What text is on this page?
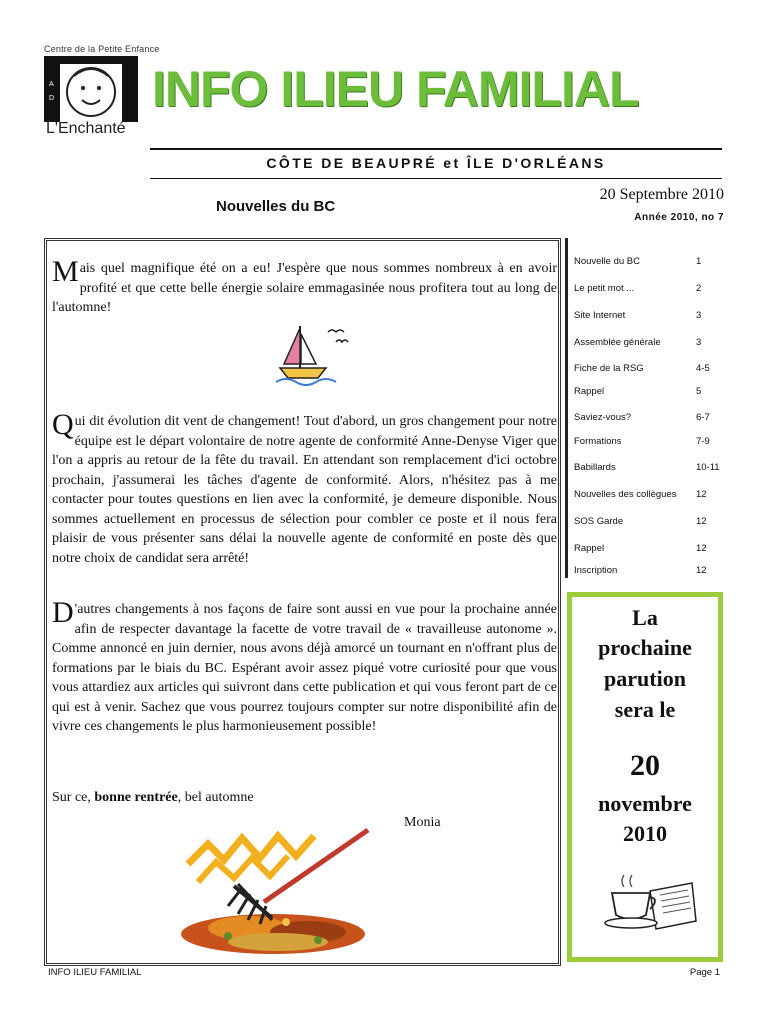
Centre de la Petite Enfance
A
D
L'Enchanté
INFO ILIEU FAMILIAL
CÔTE DE BEAUPRÉ et ÎLE D'ORLÉANS
Nouvelles du BC
20 Septembre 2010
Année 2010, no 7
Mais quel magnifique été on a eu! J'espère que nous sommes nombreux à en avoir profité et que cette belle énergie solaire emmagasinée nous profitera tout au long de l'automne!
Qui dit évolution dit vent de changement! Tout d'abord, un gros changement pour notre équipe est le départ volontaire de notre agente de conformité Anne-Denyse Viger que l'on a appris au retour de la fête du travail. En attendant son remplacement d'ici octobre prochain, j'assumerai les tâches d'agente de conformité. Alors, n'hésitez pas à me contacter pour toutes questions en lien avec la conformité, je demeure disponible. Nous sommes actuellement en processus de sélection pour combler ce poste et il nous fera plaisir de vous présenter sans délai la nouvelle agente de conformité en poste dès que notre choix de candidat sera arrêté!
D 'autres changements à nos façons de faire sont aussi en vue pour la prochaine année afin de respecter davantage la facette de votre travail de « travailleuse autonome ». Comme annoncé en juin dernier, nous avons déjà amorcé un tournant en n'offrant plus de formations par le biais du BC. Espérant avoir assez piqué votre curiosité pour que vous vous attardiez aux articles qui suivront dans cette publication et qui vous feront part de ce qui est à venir. Sachez que vous pourrez toujours compter sur notre disponibilité afin de vivre ces changements le plus harmonieusement possible!
Sur ce, bonne rentrée, bel automne
Monia
Nouvelle du BC	1
Le petit mot ...	2
Site Internet	3
Assemblée générale	3
Fiche de la RSG	4-5
Rappel	5
Saviez-vous?	6-7
Formations	7-9
Babillards	10-11
Nouvelles des collègues 12
SOS Garde	12
Rappel	12
Inscription	12
La
prochaine
parution
sera le
20
novembre
2010
INFO ILIEU FAMILIAL	Page 1
